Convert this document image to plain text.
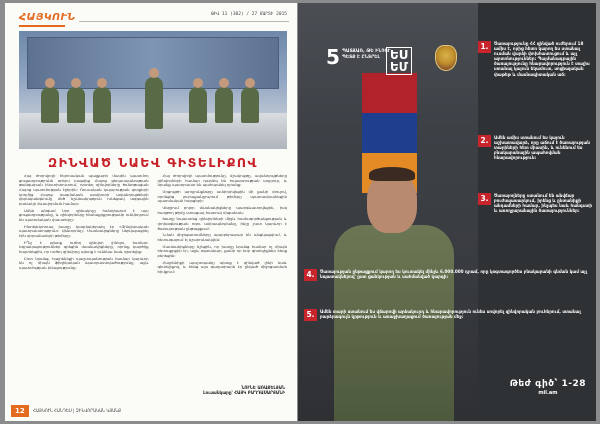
ՀԱՅԿՈՒՆ	ԹԻՎ 11 (302) / 27 ՄԱՐՏԻ 2015
ԶԻՆՎԱԾ ՆԱԵՎ ԳԻՏԵԼԻՔՈՎ

Հայ ժողովրդի հերոսական պայքարի մասին պատմող ցուցադրությունն օրերս բացվեց Հայոց ցեղասպանության թանգարան ինստիտուտում, որտեղ զինվորները ծանոթացան Հայոց պատմության էջերին: Ռուսական կայսրության զորքերի կողմից Հայոց ռազմական արվեստի ավանդույթների վերականգնումը մեծ նշանակություն ունեցավ ազգային բանակի ձևավորման համար:

Ամեն անգամ նոր զինակոչը հանդիպում է այս ցուցադրությանը, և զինվորները հետաքրքրությամբ ունկնդրում են պատմական փաստերը:

Ինտելեկտուալ խաղը կազմակերպել էր «Զինվորական պատրաստություն» կենտրոնը: Մասնակիցները ներկայացրել էին զորամասերի թիմերը:

Ի՞նչ է պետք ուժեղ զինվոր լինելու համար: Եզրակացություններ գրեցին մասնակիցները, որոնք կարծիք հայտնեցին, որ ուժեղ զինվորը պետք է ունենա նաև գիտելիք:

Ըստ նրանց, հայրենիքի պաշտպանության համար կարևոր են ոչ միայն ֆիզիկական պատրաստվածությունը, այլև պատմության իմացությունը:

Հայ ժողովրդի պատմությունը, մշակույթը, ավանդույթները զինվորների համար դարձել են հպարտության աղբյուր, և նրանք պատրաստ են պահպանել դրանք:

Մրցույթի արդյունքները ամփոփվեցին մի քանի փուլով, որոնցից յուրաքանչյուրում թիմերը պատասխանեցին պատմական հարցերի:

Վերջում բոլոր մասնակիցները պարգևատրվեցին, իսկ հաղթող թիմը ստացավ հատուկ մրցանակ:

Խաղը նպաստեց զինվորների միջև համագործակցության և փոխօգնության ոգու ամրապնդմանը, ինչը շատ կարևոր է ծառայության ընթացքում:

Նման միջոցառումները պարբերաբար են անցկացվում, և հետագայում էլ կշարունակվեն:

Մասնակիցները նշեցին, որ խաղը նրանց համար ոչ միայն հետաքրքիր էր, այլև օգտակար, քանի որ նոր գիտելիքներ ձեռք բերեցին:

Հայրենիքի պաշտպանը պետք է զինված լինի նաև գիտելիքով, և հենց այս գաղափարն էր ընկած միջոցառման հիմքում:

ՆՈՒՆԵ ԱՌԱՔԵԼՅԱՆ
Լուսանկարը՝ ՀԱՅԿ ԲԱՂԴԱՍԱՐՅԱՆԻ
12	ՀԱՅԿՈՒՆ ՀԱՆԴԵՍ | ԶԻՆՎՈՐԱԿԱՆ ԿՅԱՆՔ
5 ՊԱՏՃԱՌ, ԹԵ ԻՆՉՈՒ ՊԵՏՔ Է ԸՆՏՐԵԼ ԵՍ ԵՄ
1.	Ծառայությունը ՀՀ զինված ուժերում 18 ամիս է, որից հետո կարող ես ստանալ ուսման վարձի փոխհատուցում և այլ արտոնություններ: Պայմանագրային ծառայությունը հնարավորություն է տալիս ստանալ կայուն եկամուտ, սոցիալական փաթեթ և մասնագիտական աճ:
2.	Ամեն ամիս ստանում ես կայուն աշխատավարձ, որը աճում է ծառայության տարիների հետ միասին, և ունենում ես բնակարանային ապահովման հնարավորություն:
3.	Ծառայողները ստանում են անվճար բուժսպասարկում, իրենց և ընտանիքի անդամների համար, ինչպես նաև հանգստի և առողջարանային ծառայություններ:
4.	Ծառայության ընթացքում կարող ես կուտակել մինչև 6.000.000 դրամ, որը կօգտագործես բնակարանի գնման կամ այլ նպատակներով՝ ըստ ցանկության և սահմանված կարգի:
5.	Ամեն տարի ստանում ես վճարովի արձակուրդ և հնարավորություն ունես սովորել զինվորական բուհերում, ստանալ բարձրագույն կրթություն և առաջխաղացում ծառայության մեջ:
Թեժ գիծ՝ 1-28
mil.am
